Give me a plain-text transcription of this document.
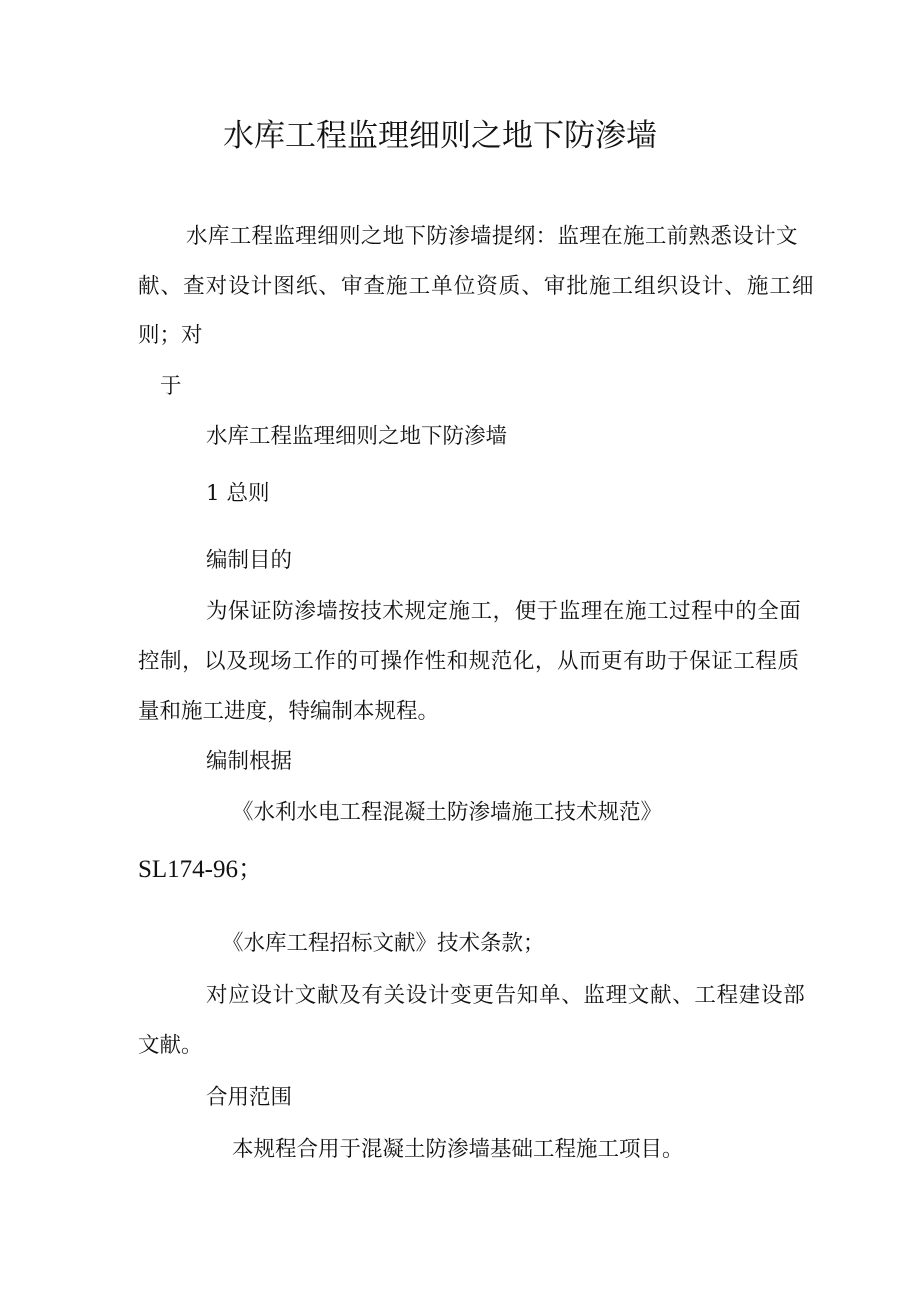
水库工程监理细则之地下防渗墙
水库工程监理细则之地下防渗墙提纲：监理在施工前熟悉设计文
献、查对设计图纸、审查施工单位资质、审批施工组织设计、施工细
则；对
于
水库工程监理细则之地下防渗墙
1 总则
编制目的
为保证防渗墙按技术规定施工，便于监理在施工过程中的全面
控制，以及现场工作的可操作性和规范化，从而更有助于保证工程质
量和施工进度，特编制本规程。
编制根据
《水利水电工程混凝土防渗墙施工技术规范》
SL174-96；
《水库工程招标文献》技术条款；
对应设计文献及有关设计变更告知单、监理文献、工程建设部
文献。
合用范围
本规程合用于混凝土防渗墙基础工程施工项目。
